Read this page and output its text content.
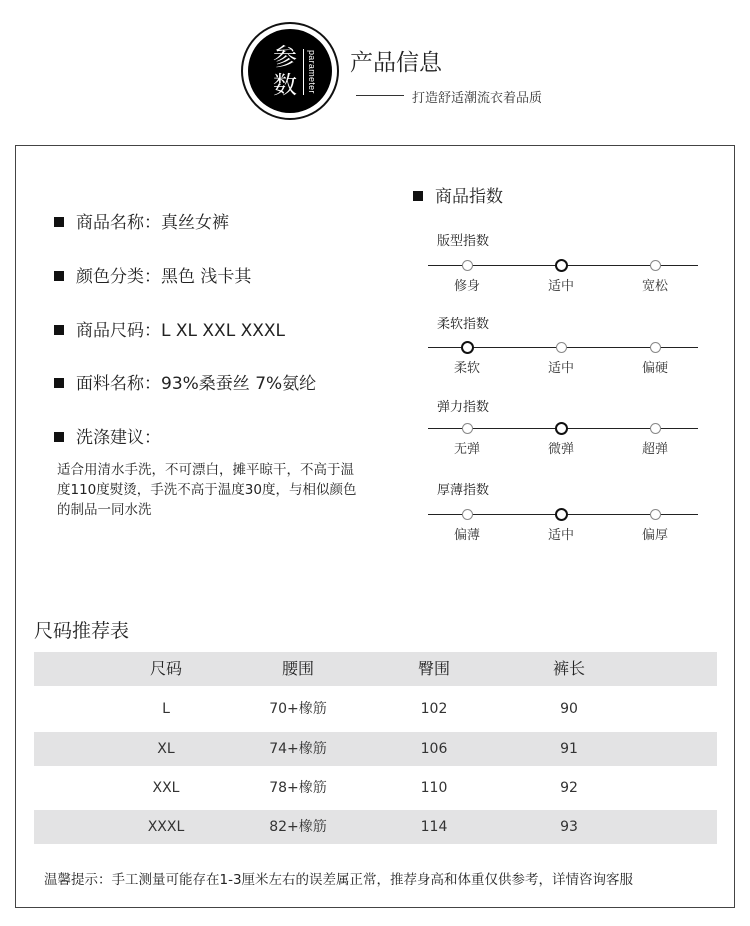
参
数	parameter 产品信息
打造舒适潮流衣着品质
商品名称：真丝女裤
颜色分类：黑色 浅卡其
商品尺码：L XL XXL XXXL
面料名称：93%桑蚕丝 7%氨纶
洗涤建议：
适合用清水手洗，不可漂白，摊平晾干，不高于温度110度熨烫，手洗不高于温度30度，与相似颜色的制品一同水洗
商品指数
版型指数
修身	适中	宽松
柔软指数
柔软	适中	偏硬
弹力指数
无弹	微弹	超弹
厚薄指数
偏薄	适中	偏厚
尺码推荐表
尺码	腰围	臀围	裤长
L	70+橡筋	102	90
XL	74+橡筋	106	91
XXL	78+橡筋	110	92
XXXL	82+橡筋	114	93
温馨提示：手工测量可能存在1-3厘米左右的误差属正常，推荐身高和体重仅供参考，详情咨询客服
